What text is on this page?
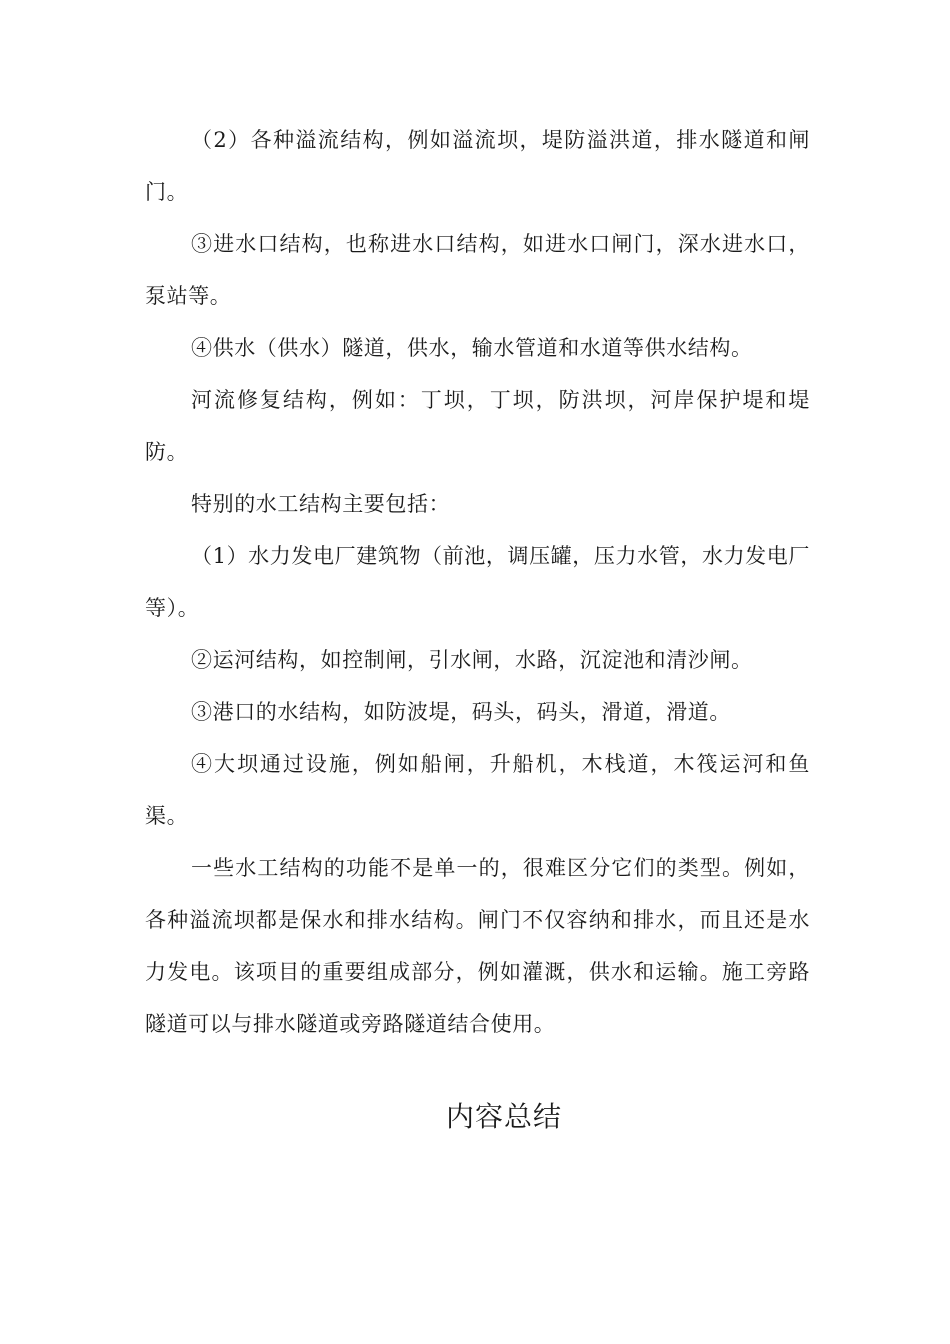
（2）各种溢流结构，例如溢流坝，堤防溢洪道，排水隧道和闸门。

③进水口结构，也称进水口结构，如进水口闸门，深水进水口，泵站等。

④供水（供水）隧道，供水，输水管道和水道等供水结构。

河流修复结构，例如：丁坝，丁坝，防洪坝，河岸保护堤和堤防。

特别的水工结构主要包括：

（1）水力发电厂建筑物（前池，调压罐，压力水管，水力发电厂等）。

②运河结构，如控制闸，引水闸，水路，沉淀池和清沙闸。

③港口的水结构，如防波堤，码头，码头，滑道，滑道。

④大坝通过设施，例如船闸，升船机，木栈道，木筏运河和鱼渠。

一些水工结构的功能不是单一的，很难区分它们的类型。例如，各种溢流坝都是保水和排水结构。闸门不仅容纳和排水，而且还是水力发电。该项目的重要组成部分，例如灌溉，供水和运输。施工旁路隧道可以与排水隧道或旁路隧道结合使用。

内容总结
